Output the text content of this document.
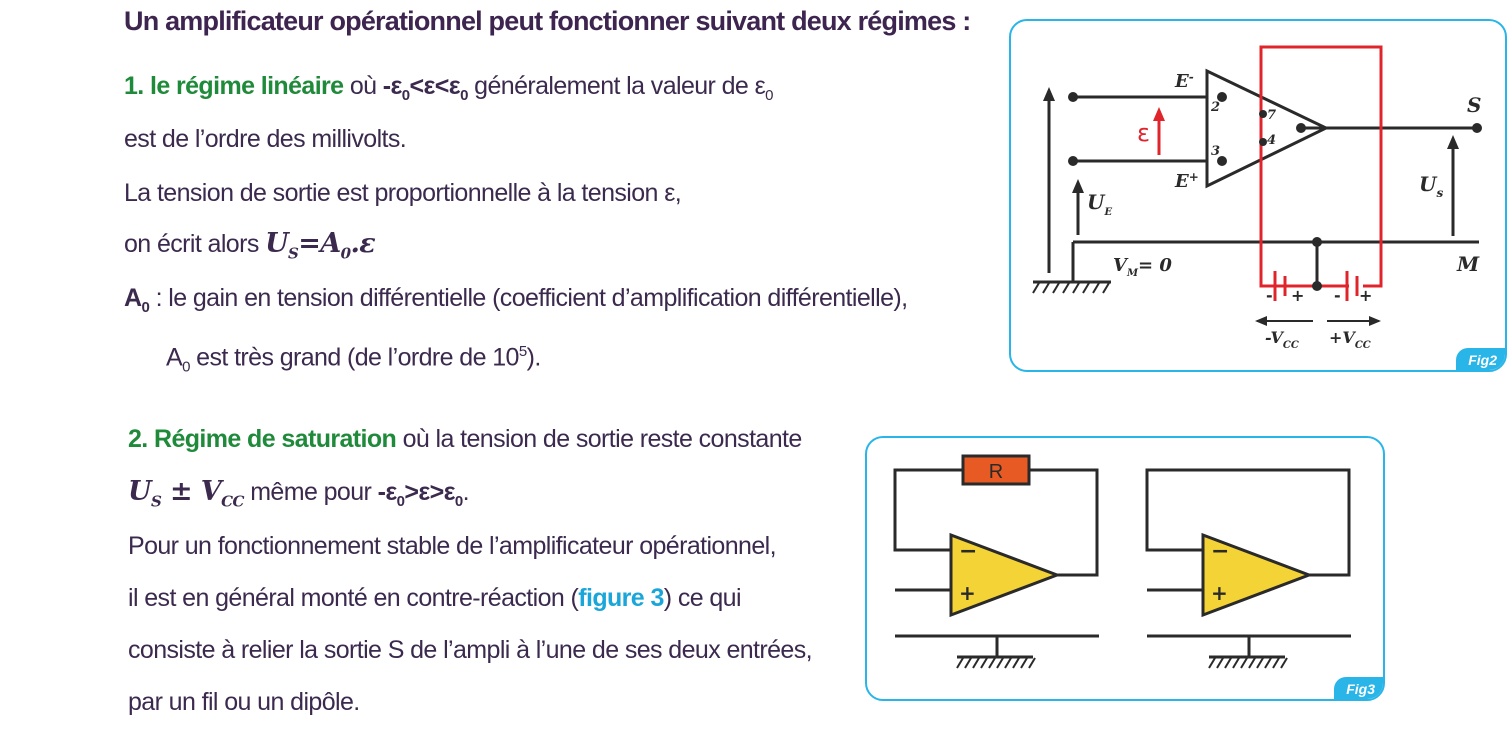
Un amplificateur opérationnel peut fonctionner suivant deux régimes :
1. le régime linéaire où $-\varepsilon_0<\varepsilon<\varepsilon_0$ généralement la valeur de $\varepsilon_0$
est de l’ordre des millivolts.
La tension de sortie est proportionnelle à la tension ε,
on écrit alors $U_S=A_0.\varepsilon$
$A_0$ : le gain en tension différentielle (coefficient d’amplification différentielle),
$A_0$ est très grand (de l’ordre de $10^5$).
2. Régime de saturation où la tension de sortie reste constante
$U_S \pm V_{CC}$ même pour $-\varepsilon_0>\varepsilon>\varepsilon_0$.
Pour un fonctionnement stable de l’amplificateur opérationnel,
il est en général monté en contre-réaction (figure 3) ce qui
consiste à relier la sortie S de l’ampli à l’une de ses deux entrées,
par un fil ou un dipôle.
E-
E+
2
3
7
4
ε
S
$U_s$
$U_E$
$V_M= 0$	M
- + - +
$-V_{CC} +V_{CC}$
Fig2
R
−
+
−
+
Fig3
